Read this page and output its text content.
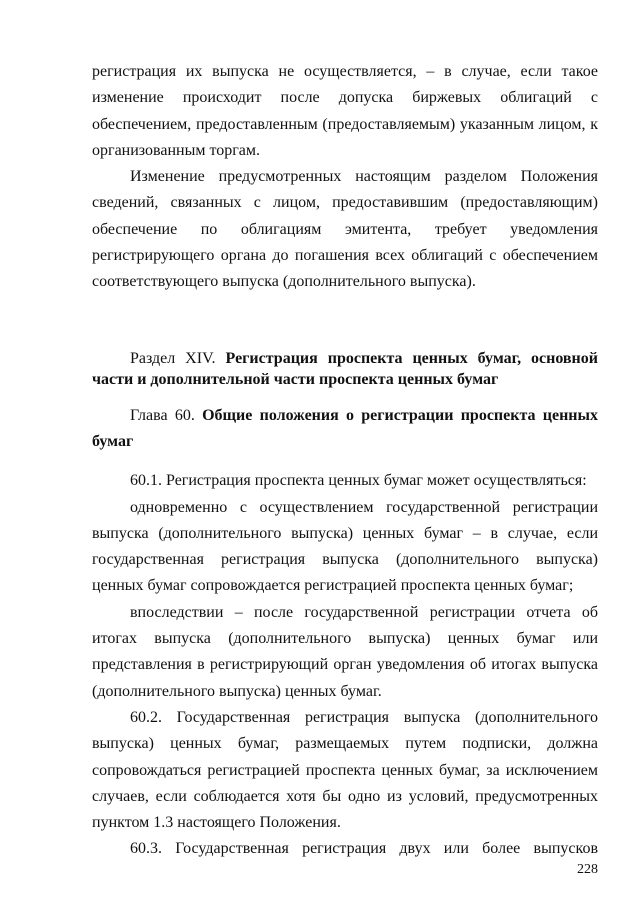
регистрация их выпуска не осуществляется, – в случае, если такое изменение происходит после допуска биржевых облигаций с обеспечением, предоставленным (предоставляемым) указанным лицом, к организованным торгам.

Изменение предусмотренных настоящим разделом Положения сведений, связанных с лицом, предоставившим (предоставляющим) обеспечение по облигациям эмитента, требует уведомления регистрирующего органа до погашения всех облигаций с обеспечением соответствующего выпуска (дополнительного выпуска).

Раздел XIV. Регистрация проспекта ценных бумаг, основной части и дополнительной части проспекта ценных бумаг

Глава 60. Общие положения о регистрации проспекта ценных бумаг

60.1. Регистрация проспекта ценных бумаг может осуществляться:

одновременно с осуществлением государственной регистрации выпуска (дополнительного выпуска) ценных бумаг – в случае, если государственная регистрация выпуска (дополнительного выпуска) ценных бумаг сопровождается регистрацией проспекта ценных бумаг;

впоследствии – после государственной регистрации отчета об итогах выпуска (дополнительного выпуска) ценных бумаг или представления в регистрирующий орган уведомления об итогах выпуска (дополнительного выпуска) ценных бумаг.

60.2. Государственная регистрация выпуска (дополнительного выпуска) ценных бумаг, размещаемых путем подписки, должна сопровождаться регистрацией проспекта ценных бумаг, за исключением случаев, если соблюдается хотя бы одно из условий, предусмотренных пунктом 1.3 настоящего Положения.

60.3. Государственная регистрация двух или более выпусков

228
